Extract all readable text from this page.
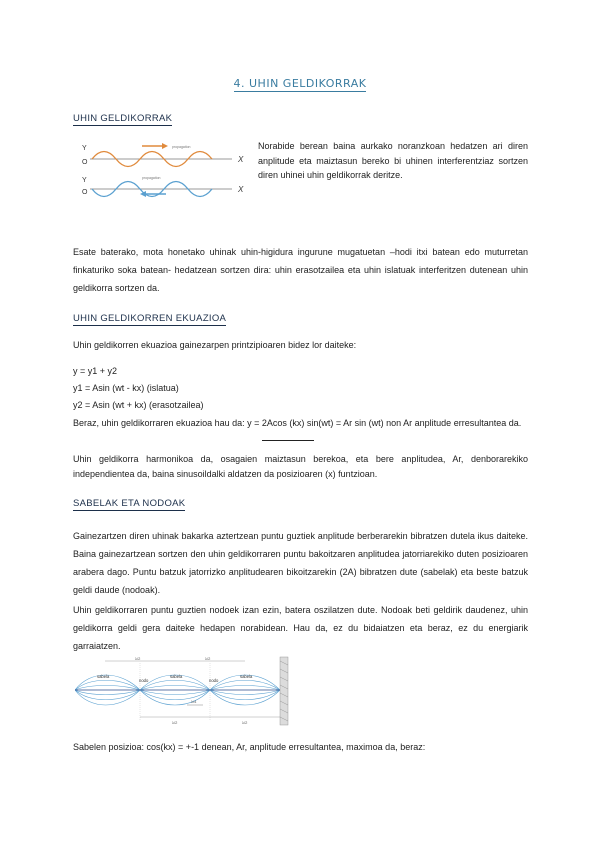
4. UHIN GELDIKORRAK
UHIN GELDIKORRAK
Y
O	X
propagation
Y
O	X
propagation
Norabide berean baina aurkako noranzkoan hedatzen ari diren anplitude eta maiztasun bereko bi uhinen interferentziaz sortzen diren uhinei uhin geldikorrak deritze.
Esate baterako, mota honetako uhinak uhin-higidura ingurune mugatuetan –hodi itxi batean edo muturretan finkaturiko soka batean- hedatzean sortzen dira: uhin erasotzailea eta uhin islatuak interferitzen dutenean uhin geldikorra sortzen da.
UHIN GELDIKORREN EKUAZIOA
Uhin geldikorren ekuazioa gainezarpen printzipioaren bidez lor daiteke:
y = y1 + y2
y1 = Asin (wt - kx) (islatua)
y2 = Asin (wt + kx) (erasotzailea)
Beraz, uhin geldikorraren ekuazioa hau da: y = 2Acos (kx) sin(wt) = Ar sin (wt) non Ar anplitude erresultantea da.
Uhin geldikorra harmonikoa da, osagaien maiztasun berekoa, eta bere anplitudea, Ar, denborarekiko independientea da, baina sinusoildalki aldatzen da posizioaren (x) funtzioan.
SABELAK ETA NODOAK
Gainezartzen diren uhinak bakarka aztertzean puntu guztiek anplitude berberarekin bibratzen dutela ikus daiteke. Baina gainezartzean sortzen den uhin geldikorraren puntu bakoitzaren anplitudea jatorriarekiko duten posizioaren arabera dago. Puntu batzuk jatorrizko anplitudearen bikoitzarekin (2A) bibratzen dute (sabelak) eta beste batzuk geldi daude (nodoak).
Uhin geldikorraren puntu guztien nodoek izan ezin, batera oszilatzen dute. Nodoak beti geldirik daudenez, uhin geldikorra geldi gera daiteke hedapen norabidean. Hau da, ez du bidaiatzen eta beraz, ez du energiarik garraiatzen.
λ/2	λ/2
sabela
nodo
sabela
nodo
sabela
λ/4
λ/2	λ/2
Sabelen posizioa: cos(kx) = +-1 denean, Ar, anplitude erresultantea, maximoa da, beraz:
